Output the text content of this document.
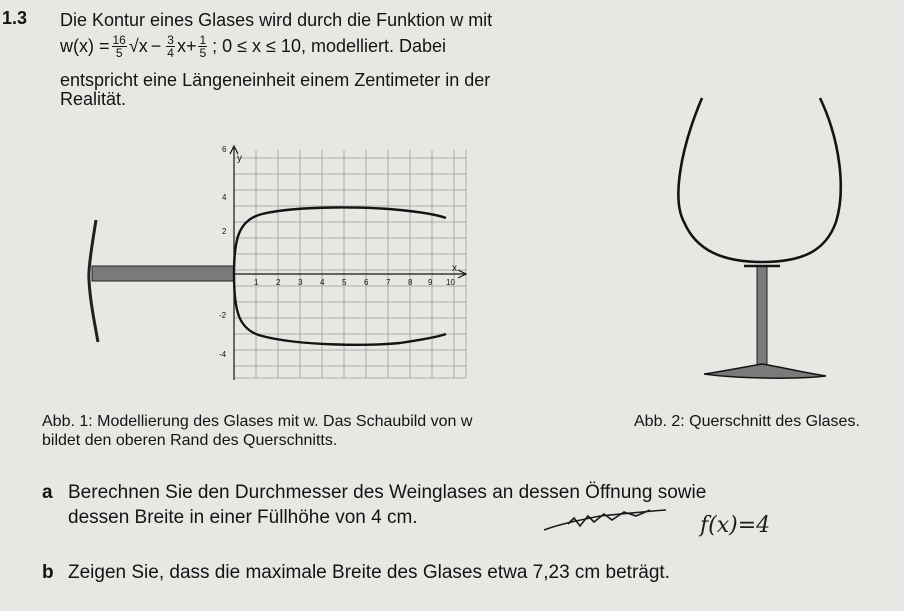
1.3 Die Kontur eines Glases wird durch die Funktion w mit
$w(x) = \frac{16}{5} √x - \frac{3}{4} x+ \frac{1}{5}$ ; 0 ≤ x ≤ 10, modelliert. Dabei
entspricht eine Längeneinheit einem Zentimeter in der
Realität.
6
4
2
-2
-4
y
x
1 2 3 4 5 6 7 8 9 10
f(x)=4
Abb. 1: Modellierung des Glases mit w. Das Schaubild von w
bildet den oberen Rand des Querschnitts.
Abb. 2: Querschnitt des Glases.
a Berechnen Sie den Durchmesser des Weinglases an dessen Öffnung sowie
dessen Breite in einer Füllhöhe von 4 cm.
b Zeigen Sie, dass die maximale Breite des Glases etwa 7,23 cm beträgt.
